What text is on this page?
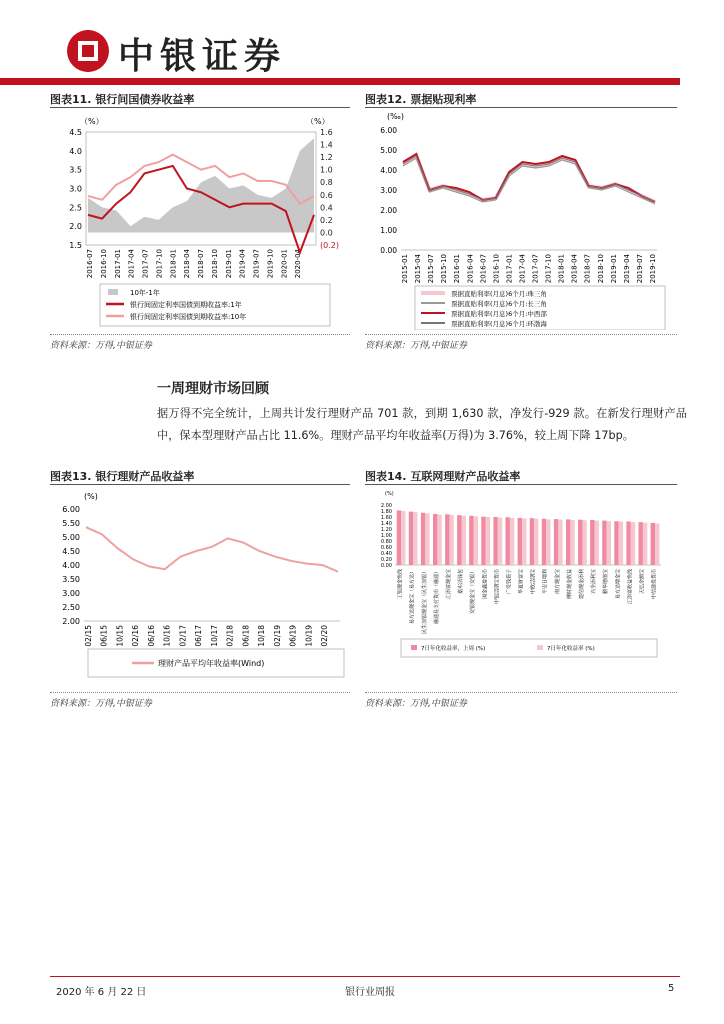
中银证券
图表11. 银行间国债券收益率
（%）	（%）
4.5
4.0
3.5
3.0
2.5
2.0
1.5
1.6
1.4
1.2
1.0
0.8
0.6
0.4
0.2
0.0
(0.2)
2016-07 2016-10 2017-01 2017-04 2017-07 2017-10 2018-01 2018-04 2018-07 2018-10 2019-01 2019-04 2019-07 2019-10 2020-01 2020-04
10年-1年
银行间固定利率国债到期收益率:1年
银行间固定利率国债到期收益率:10年
资料来源：万得,中银证券
图表12. 票据贴现利率
(‰)
6.00
5.00
4.00
3.00
2.00
1.00
0.00
2015-01 2015-04 2015-07 2015-10 2016-01 2016-04 2016-07 2016-10 2017-01 2017-04 2017-07 2017-10 2018-01 2018-04 2018-07 2018-10 2019-01 2019-04 2019-07 2019-10
票据直贴利率(月息)6个月:珠三角
票据直贴利率(月息)6个月:长三角
票据直贴利率(月息)6个月:中西部
票据直贴利率(月息)6个月:环渤海
资料来源：万得,中银证券
一周理财市场回顾
据万得不完全统计，上周共计发行理财产品 701 款，到期 1,630 款，净发行-929 款。在新发行理财产品中，保本型理财产品占比 11.6%。理财产品平均年收益率(万得)为 3.76%，较上周下降 17bp。
图表13. 银行理财产品收益率
(%)
6.00
5.50
5.00
4.50
4.00
3.50
3.00
2.50
2.00
02/15 06/15 10/15 02/16 06/16 10/16 02/17 06/17 10/17 02/18 06/18 10/18 02/19 06/19 10/19 02/20
理财产品平均年收益率(Wind)
资料来源：万得,中银证券
图表14. 互联网理财产品收益率
(%)
2.00
1.80
1.60
1.40
1.20
1.00
0.80
0.60
0.40
0.20
0.00
工银现金快线 易方达现金宝（易方达） 民生加银现金宝（民生加银） 融通易支付货币（融通） 汇添富现金宝 嘉实活钱包 交银现金宝（交银） 国金鑫盈货币 中银活期宝货币 广发钱袋子 华夏财富宝 中欧活期宝 平安日增利 南方现金宝 博时现金收益 建信现金添利 兴全添利宝 鹏华增值宝 易方达增金宝 汇添富收益快线 天弘余额宝 中信建投货币
7日年化收益率，上周 (%)	7日年化收益率 (%)
资料来源：万得,中银证券
2020 年 6 月 22 日	银行业周报	5
